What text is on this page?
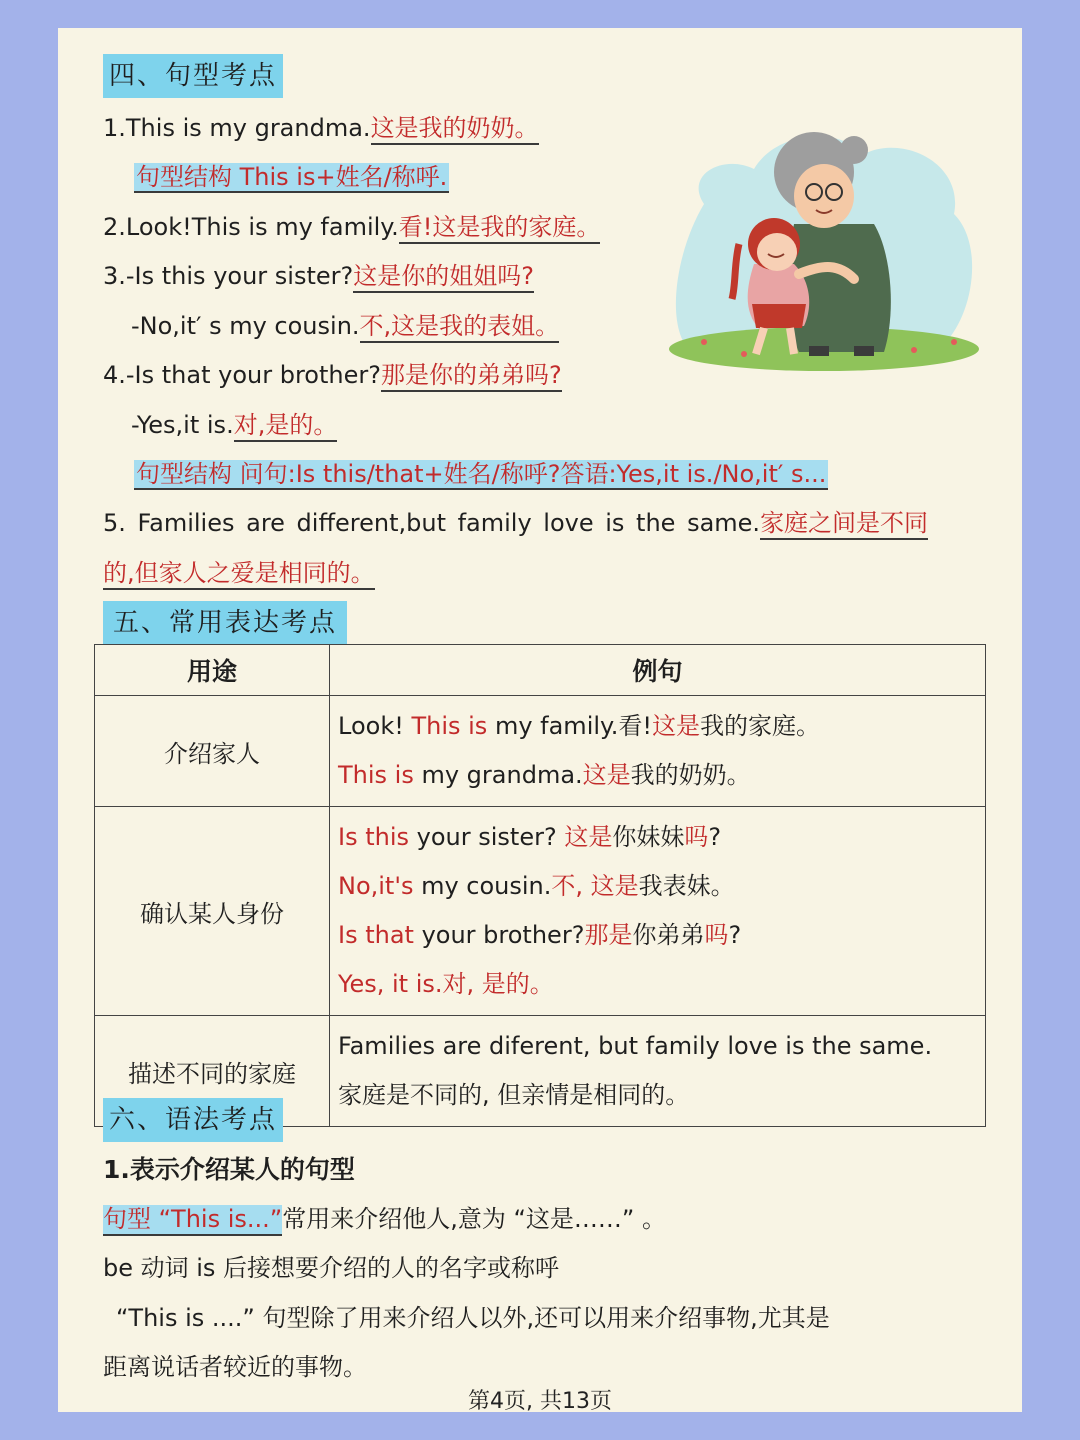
四、句型考点
1.This is my grandma.这是我的奶奶。
句型结构 This is+姓名/称呼.
2.Look!This is my family.看!这是我的家庭。
3.-Is this your sister?这是你的姐姐吗?
-No,it′ s my cousin.不,这是我的表姐。
4.-Is that your brother?那是你的弟弟吗?
-Yes,it is.对,是的。
句型结构 问句:Is this/that+姓名/称呼?答语:Yes,it is./No,it′ s...
5. Families are different,but family love is the same.家庭之间是不同
的,但家人之爱是相同的。
五、常用表达考点
用途	例句
介绍家人	Look! This is my family.看!这是我的家庭。
This is my grandma.这是我的奶奶。

确认某人身份	Is this your sister? 这是你妹妹吗?
No,it's my cousin.不, 这是我表妹。
Is that your brother?那是你弟弟吗?
Yes, it is.对, 是的。

描述不同的家庭	Families are diferent, but family love is the same.
家庭是不同的, 但亲情是相同的。
六、语法考点
1.表示介绍某人的句型
句型 “This is...”常用来介绍他人,意为 “这是……” 。
be 动词 is 后接想要介绍的人的名字或称呼
“This is ....” 句型除了用来介绍人以外,还可以用来介绍事物,尤其是
距离说话者较近的事物。
第4页, 共13页
